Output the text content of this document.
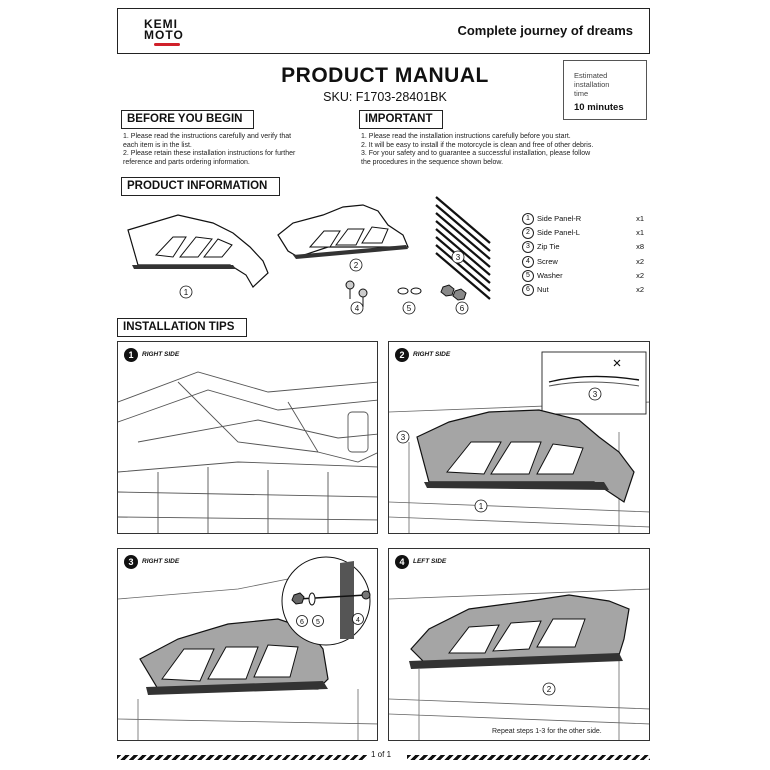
KEMI
MOTO	Complete journey of dreams
PRODUCT MANUAL
SKU: F1703-28401BK
Estimated
installation
time
10 minutes
BEFORE YOU BEGIN
1. Please read the instructions carefully and verify that
each item is in the list.
2. Please retain these installation instructions for further
reference and parts ordering information.
IMPORTANT
1. Please read the installation instructions carefully before you start.
2. It will be easy to install if the motorcycle is clean and free of other debris.
3. For your safety and to guarantee a successful installation, please follow
the procedures in the sequence shown below.
PRODUCT INFORMATION
1
2
3
4	5	6
1 Side Panel-R	x1
2 Side Panel-L	x1
3 Zip Tie	x8
4 Screw	x2
5 Washer	x2
6 Nut	x2
INSTALLATION TIPS
1	RIGHT SIDE	2	RIGHT SIDE
3
1
3
3	RIGHT SIDE
6 5	4
4	LEFT SIDE
2
Repeat steps 1-3 for the other side.
1 of 1
